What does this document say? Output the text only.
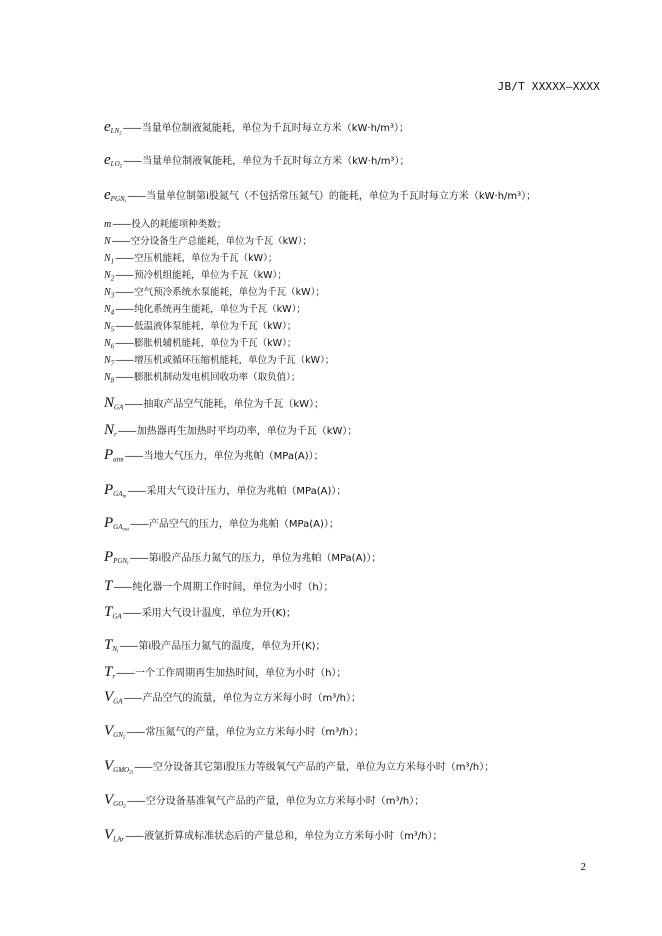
JB/T XXXXX—XXXX
$e_{LN_2}$
—— 当量单位制液氮能耗，单位为千瓦时每立方米（kW·h/m³）；
$e_{LO_2}$
—— 当量单位制液氧能耗，单位为千瓦时每立方米（kW·h/m³）；
$e_{PGN_i}$
—— 当量单位制第i股氮气（不包括常压氮气）的能耗，单位为千瓦时每立方米（kW·h/m³）；
m —— 投入的耗能项种类数；
N —— 空分设备生产总能耗，单位为千瓦（kW）；
$N_1$ —— 空压机能耗，单位为千瓦（kW）；
$N_2$ —— 预冷机组能耗，单位为千瓦（kW）；
$N_3$ —— 空气预冷系统水泵能耗，单位为千瓦（kW）；
$N_4$ —— 纯化系统再生能耗，单位为千瓦（kW）；
$N_5$ —— 低温液体泵能耗，单位为千瓦（kW）；
$N_6$ —— 膨胀机辅机能耗，单位为千瓦（kW）；
$N_7$ —— 增压机或循环压缩机能耗，单位为千瓦（kW）；
$N_8$ —— 膨胀机制动发电机回收功率（取负值）；
$N_{GA}$ —— 抽取产品空气能耗，单位为千瓦（kW）；
$N_r$ —— 加热器再生加热时平均功率，单位为千瓦（kW）；
$P_{atm}$ —— 当地大气压力，单位为兆帕（MPa(A)）；
$P_{GA_{in}}$
—— 采用大气设计压力，单位为兆帕（MPa(A)）；
$P_{GA_{out}}$
—— 产品空气的压力，单位为兆帕（MPa(A)）；
$P_{PGN_i}$
—— 第i股产品压力氮气的压力，单位为兆帕（MPa(A)）；
T —— 纯化器一个周期工作时间，单位为小时（h）；
$T_{GA}$ —— 采用大气设计温度，单位为开(K)；
$T_{N_i}$
—— 第i股产品压力氮气的温度，单位为开(K)；
$T_r$ —— 一个工作周期再生加热时间，单位为小时（h）；
$V_{GA}$ —— 产品空气的流量，单位为立方米每小时（m³/h）；
$V_{GN_2}$
—— 常压氮气的产量，单位为立方米每小时（m³/h）；
$V_{GMO_{2i}}$
—— 空分设备其它第i股压力等级氧气产品的产量，单位为立方米每小时（m³/h）；
$V_{GO_2}$
—— 空分设备基准氧气产品的产量，单位为立方米每小时（m³/h）；
$V_{LAr}$ —— 液氩折算成标准状态后的产量总和，单位为立方米每小时（m³/h）；
2
